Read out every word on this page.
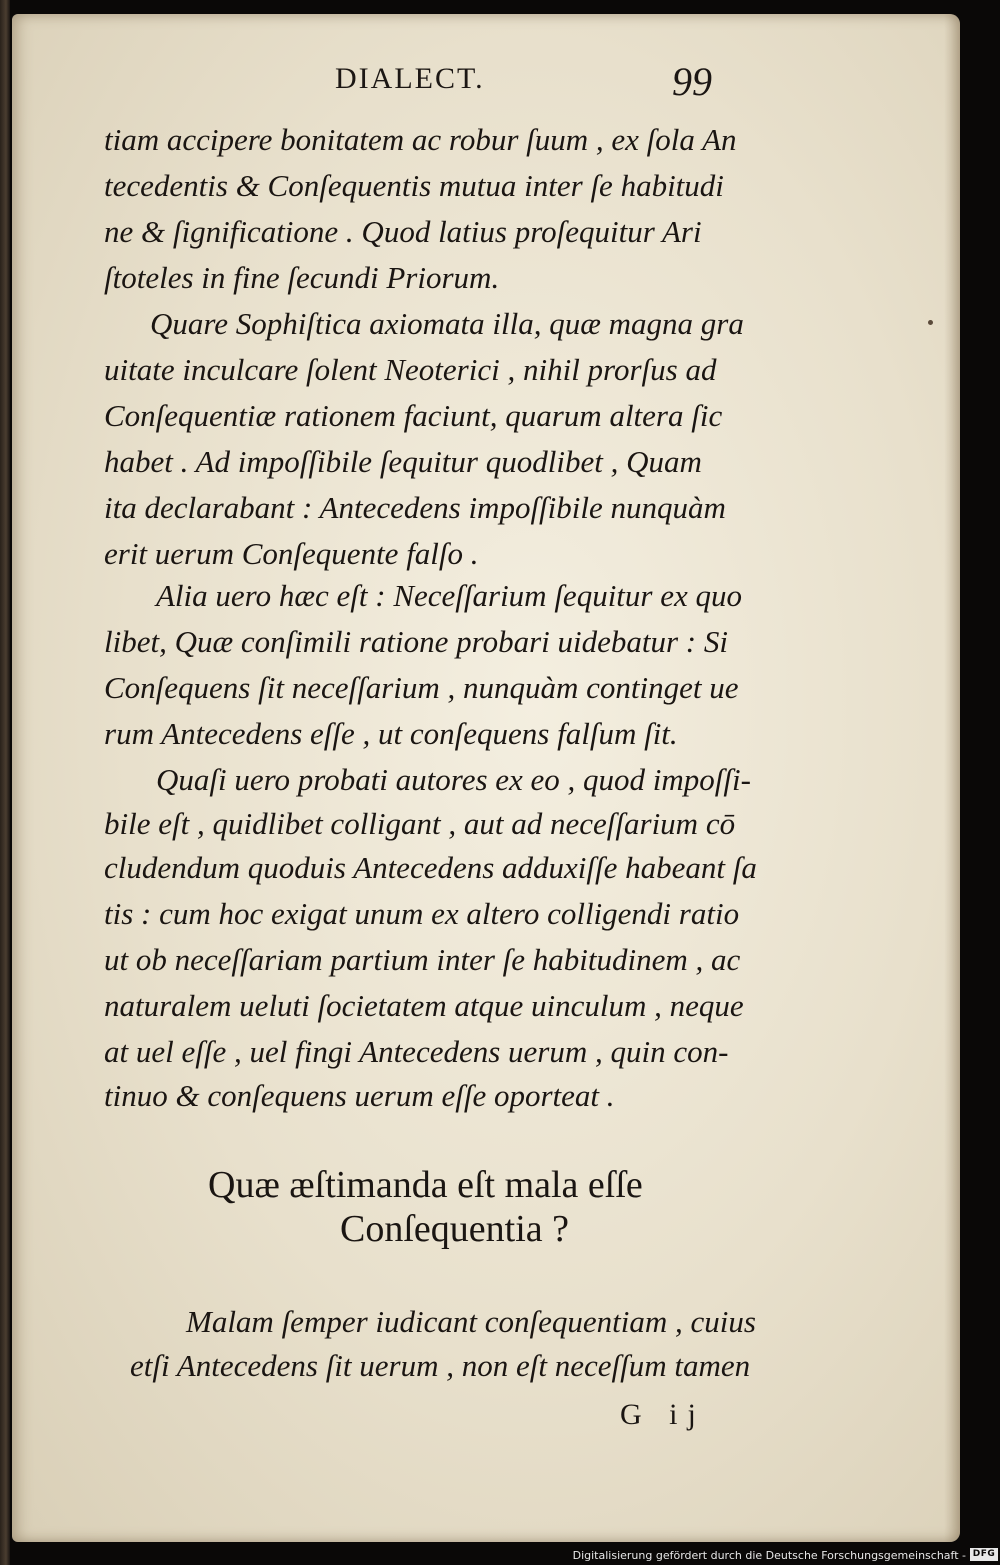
DIALECT.	99
tiam accipere bonitatem ac robur ſuum , ex ſola An
tecedentis & Conſequentis mutua inter ſe habitudi
ne & ſignificatione . Quod latius proſequitur Ari
ſtoteles in fine ſecundi Priorum.
Quare Sophiſtica axiomata illa, quæ magna gra
uitate inculcare ſolent Neoterici , nihil prorſus ad
Conſequentiæ rationem faciunt, quarum altera ſic
habet . Ad impoſſibile ſequitur quodlibet , Quam
ita declarabant : Antecedens impoſſibile nunquàm
erit uerum Conſequente falſo .
Alia uero hæc eſt : Neceſſarium ſequitur ex quo
libet, Quæ conſimili ratione probari uidebatur : Si
Conſequens ſit neceſſarium , nunquàm continget ue
rum Antecedens eſſe , ut conſequens falſum ſit.
Quaſi uero probati autores ex eo , quod impoſſi-
bile eſt , quidlibet colligant , aut ad neceſſarium cō
cludendum quoduis Antecedens adduxiſſe habeant ſa
tis : cum hoc exigat unum ex altero colligendi ratio
ut ob neceſſariam partium inter ſe habitudinem , ac
naturalem ueluti ſocietatem atque uinculum , neque
at uel eſſe , uel fingi Antecedens uerum , quin con-
tinuo & conſequens uerum eſſe oporteat .
Quæ æſtimanda eſt mala eſſe
Conſequentia ?
Malam ſemper iudicant conſequentiam , cuius
etſi Antecedens ſit uerum , non eſt neceſſum tamen
G ij
Digitalisierung gefördert durch die Deutsche Forschungsgemeinschaft - DFG
